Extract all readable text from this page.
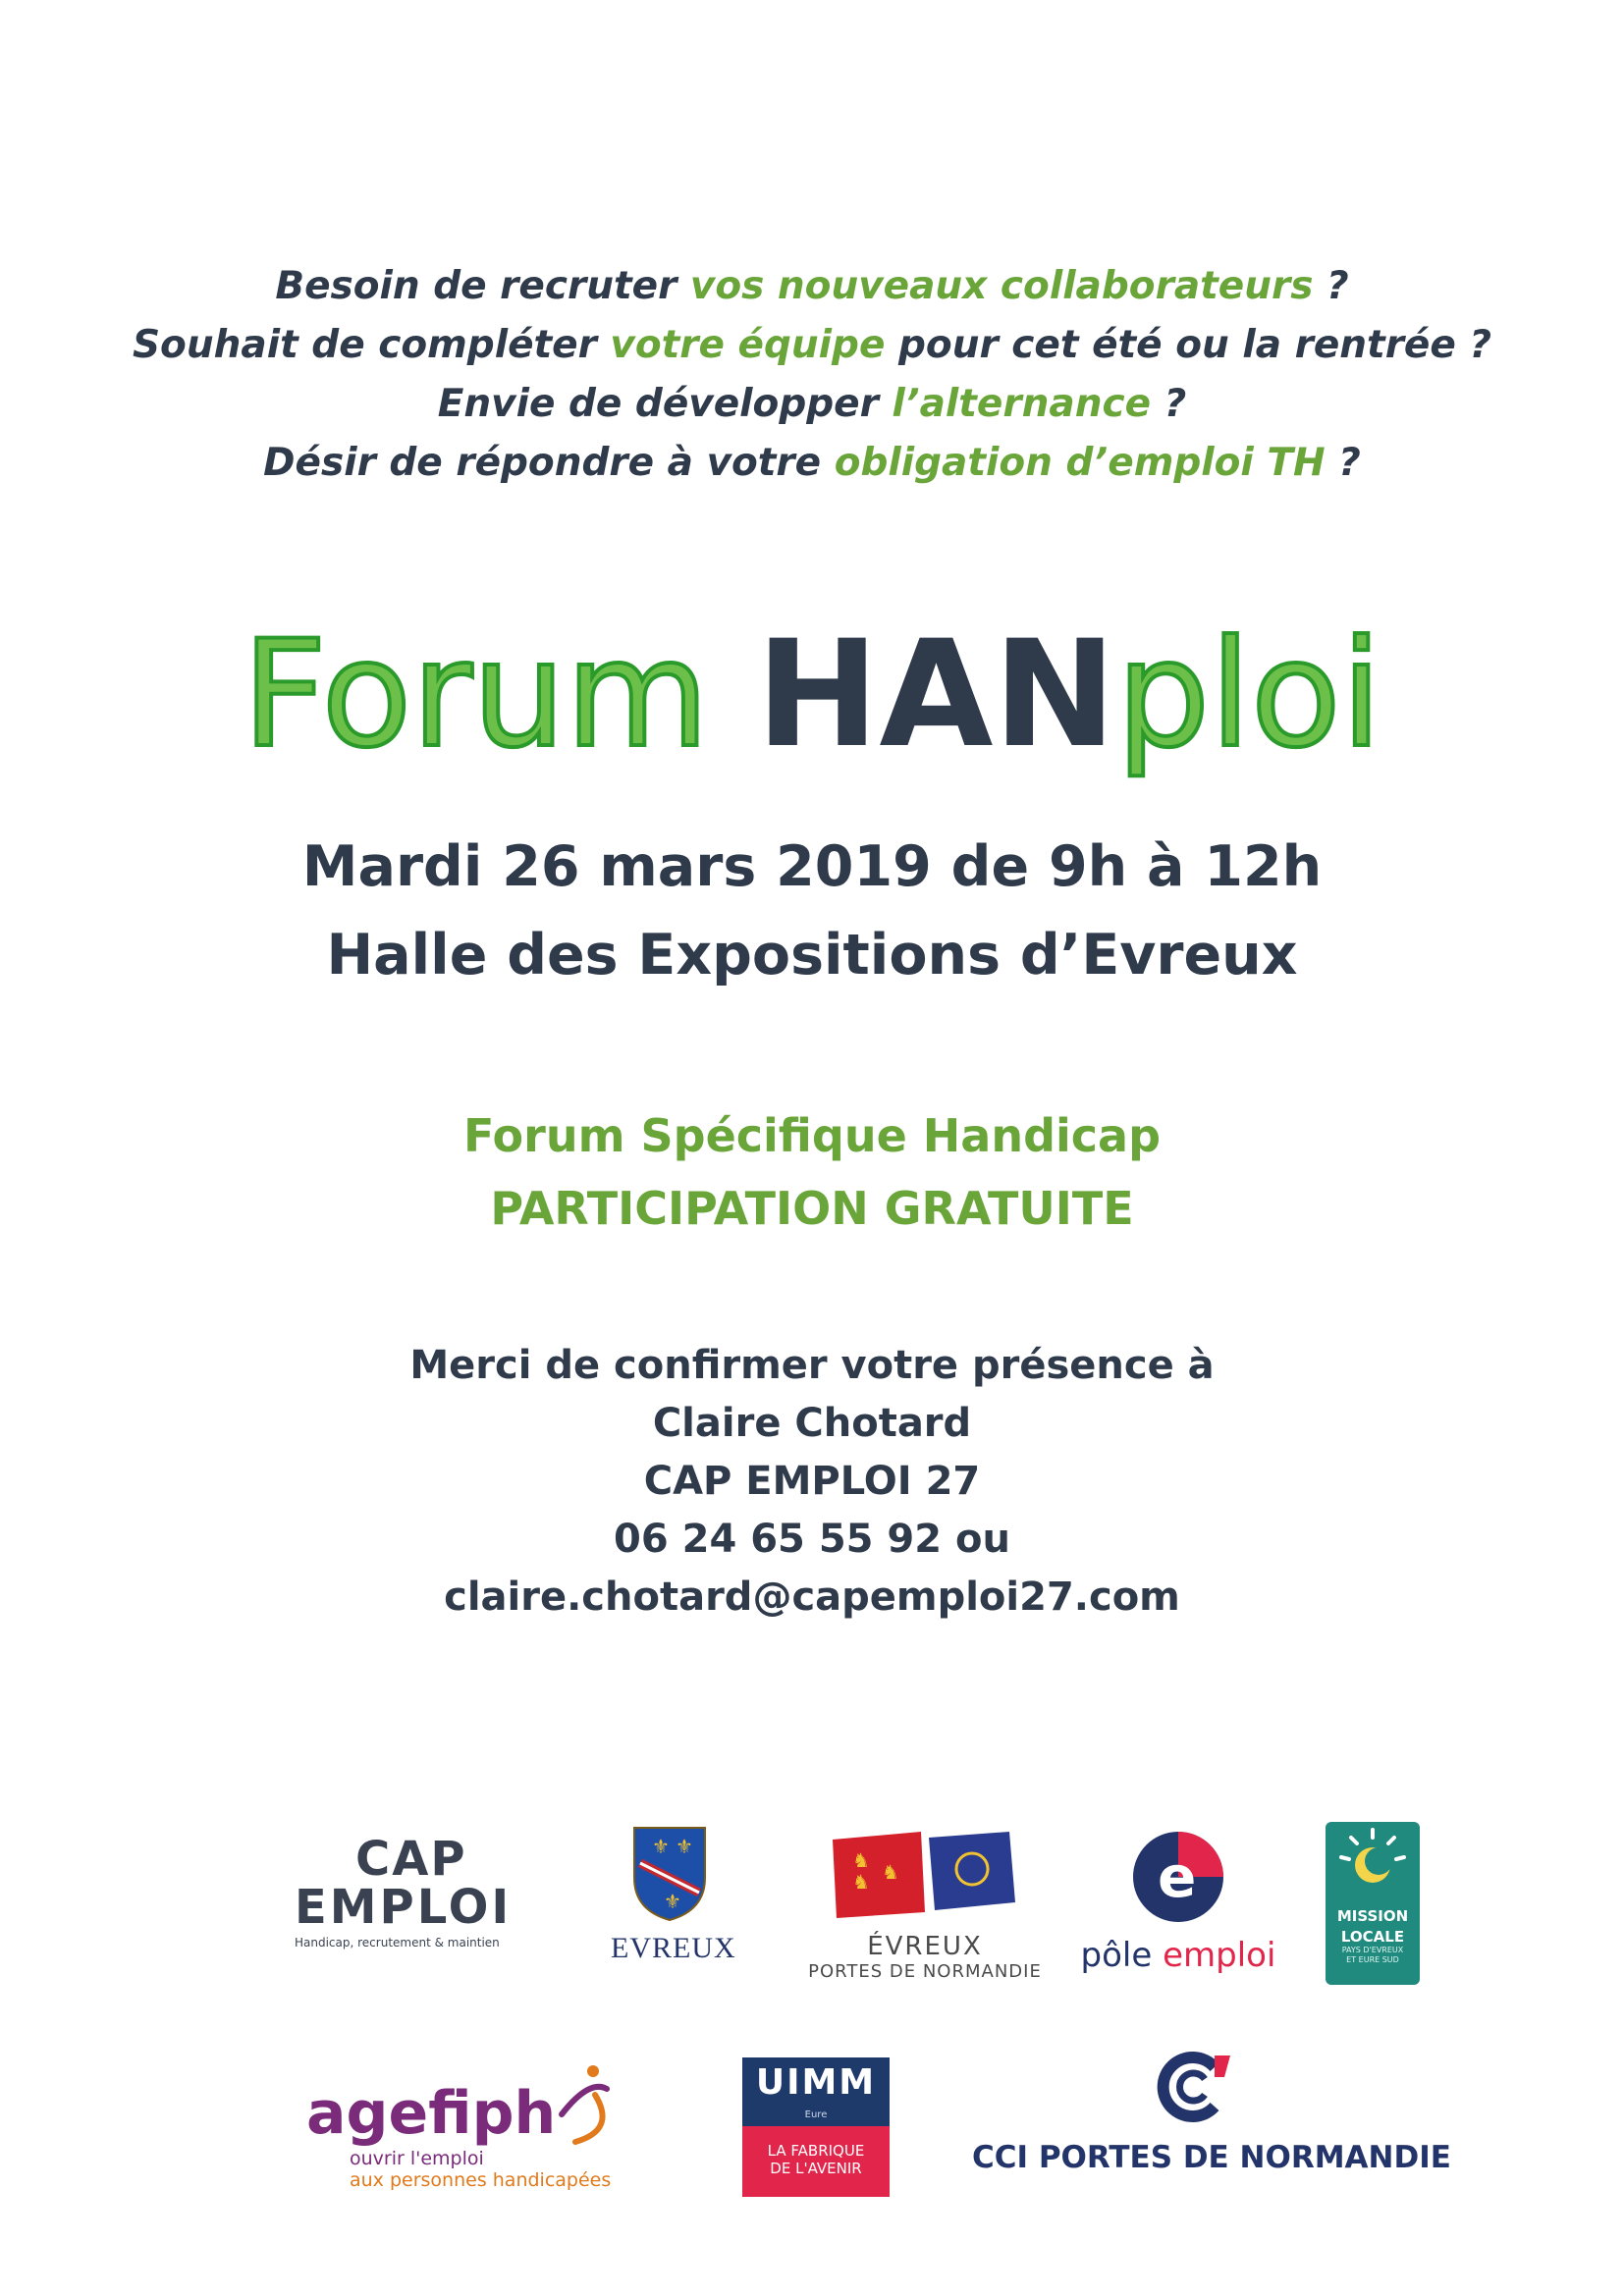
Besoin de recruter vos nouveaux collaborateurs ?
Souhait de compléter votre équipe pour cet été ou la rentrée ?
Envie de développer l’alternance ?
Désir de répondre à votre obligation d’emploi TH ?
Forum HANploi
Mardi 26 mars 2019 de 9h à 12h
Halle des Expositions d’Evreux
Forum Spécifique Handicap
PARTICIPATION GRATUITE
Merci de confirmer votre présence à
Claire Chotard
CAP EMPLOI 27
06 24 65 55 92 ou
claire.chotard@capemploi27.com
CAP
EMPLOI
Handicap, recrutement & maintien
⚜ ⚜
⚜
EVREUX
♞
♞ ♞
ÉVREUX
PORTES DE NORMANDIE
e
pôle emploi
MISSION
LOCALE
PAYS D'EVREUX
ET EURE SUD
agefiph
ouvrir l'emploi
aux personnes handicapées
UIMM
Eure
LA FABRIQUE
DE L'AVENIR	CCI PORTES DE NORMANDIE
